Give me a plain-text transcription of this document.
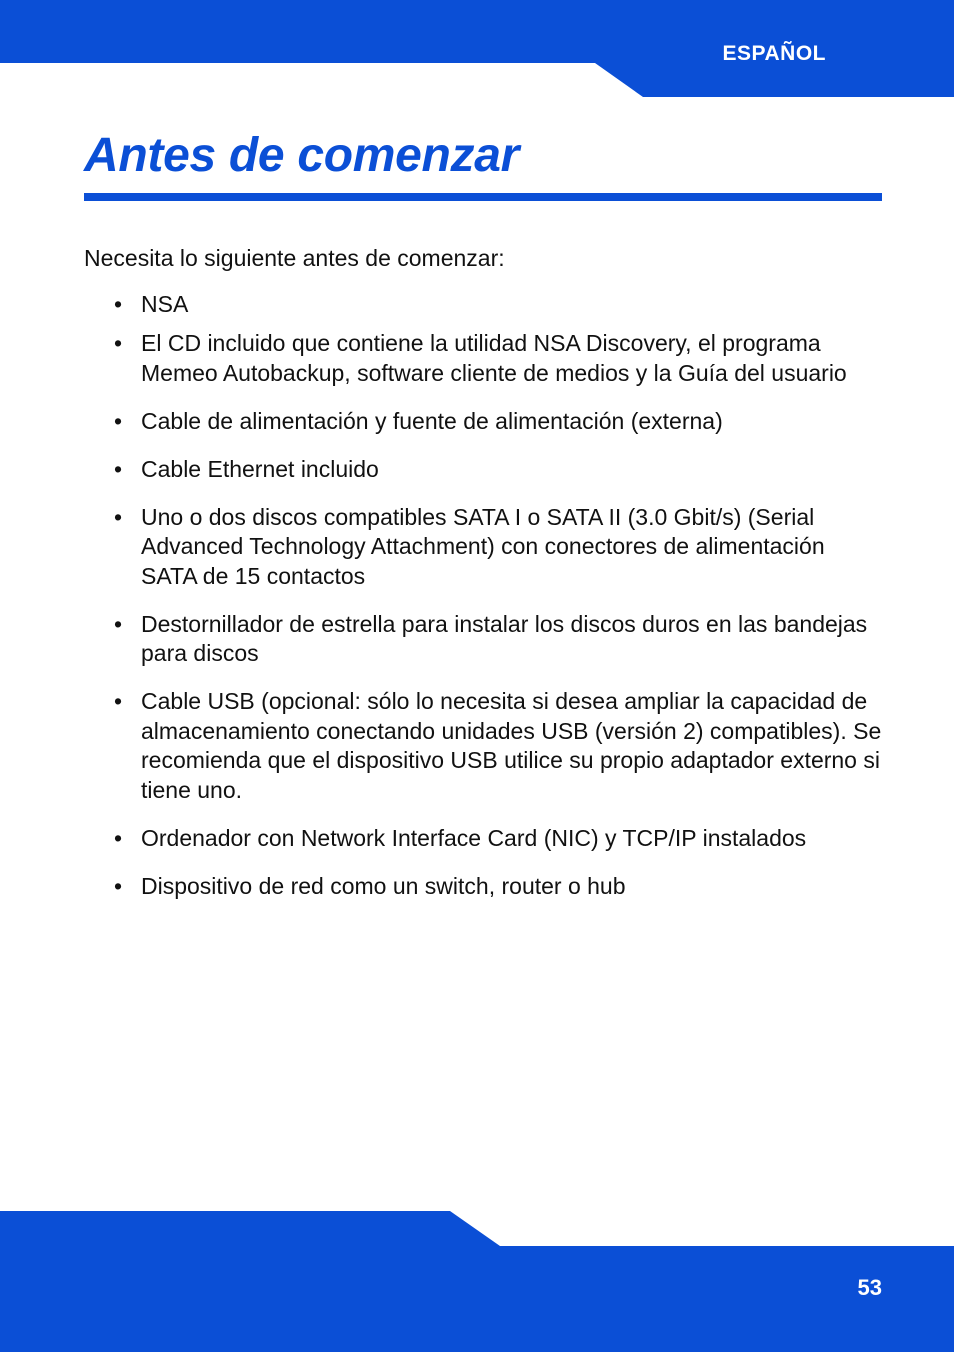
ESPAÑOL
Antes de comenzar

Necesita lo siguiente antes de comenzar:

• NSA
• El CD incluido que contiene la utilidad NSA Discovery, el programa Memeo Autobackup, software cliente de medios y la Guía del usuario
• Cable de alimentación y fuente de alimentación (externa)
• Cable Ethernet incluido
• Uno o dos discos compatibles SATA I o SATA II (3.0 Gbit/s) (Serial Advanced Technology Attachment) con conectores de alimentación SATA de 15 contactos
• Destornillador de estrella para instalar los discos duros en las bandejas para discos
• Cable USB (opcional: sólo lo necesita si desea ampliar la capacidad de almacenamiento conectando unidades USB (versión 2) compatibles). Se recomienda que el dispositivo USB utilice su propio adaptador externo si tiene uno.
• Ordenador con Network Interface Card (NIC) y TCP/IP instalados
• Dispositivo de red como un switch, router o hub
53
